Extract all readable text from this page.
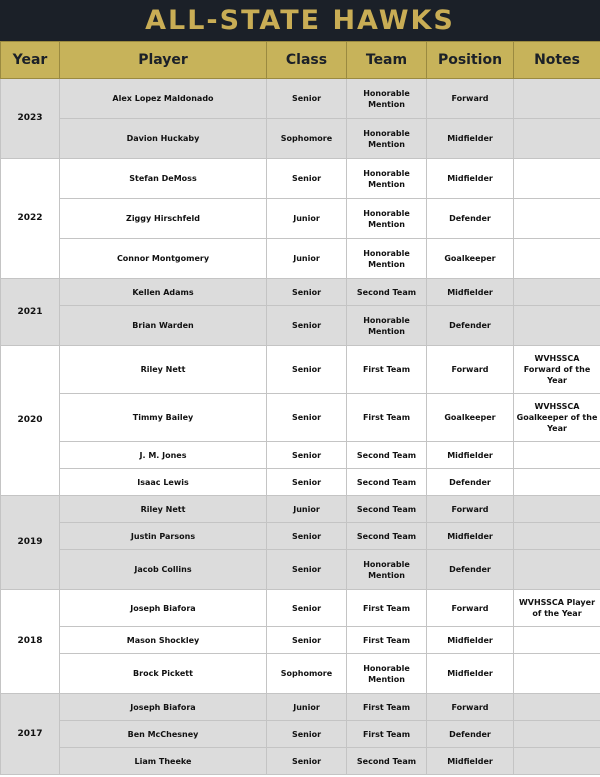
ALL-STATE HAWKS
Year	Player	Class	Team	Position	Notes
2023	Alex Lopez Maldonado	Senior	Honorable Mention	Forward	
	Davion Huckaby	Sophomore	Honorable Mention	Midfielder	
2022	Stefan DeMoss	Senior	Honorable Mention	Midfielder	
	Ziggy Hirschfeld	Junior	Honorable Mention	Defender	
	Connor Montgomery	Junior	Honorable Mention	Goalkeeper	
2021	Kellen Adams	Senior	Second Team	Midfielder	
	Brian Warden	Senior	Honorable Mention	Defender	
2020	Riley Nett	Senior	First Team	Forward	WVHSSCA Forward of the Year
	Timmy Bailey	Senior	First Team	Goalkeeper	WVHSSCA Goalkeeper of the Year
	J. M. Jones	Senior	Second Team	Midfielder	
	Isaac Lewis	Senior	Second Team	Defender	
2019	Riley Nett	Junior	Second Team	Forward	
	Justin Parsons	Senior	Second Team	Midfielder	
	Jacob Collins	Senior	Honorable Mention	Defender	
2018	Joseph Biafora	Senior	First Team	Forward	WVHSSCA Player of the Year
	Mason Shockley	Senior	First Team	Midfielder	
	Brock Pickett	Sophomore	Honorable Mention	Midfielder	
2017	Joseph Biafora	Junior	First Team	Forward	
	Ben McChesney	Senior	First Team	Defender	
	Liam Theeke	Senior	Second Team	Midfielder	
